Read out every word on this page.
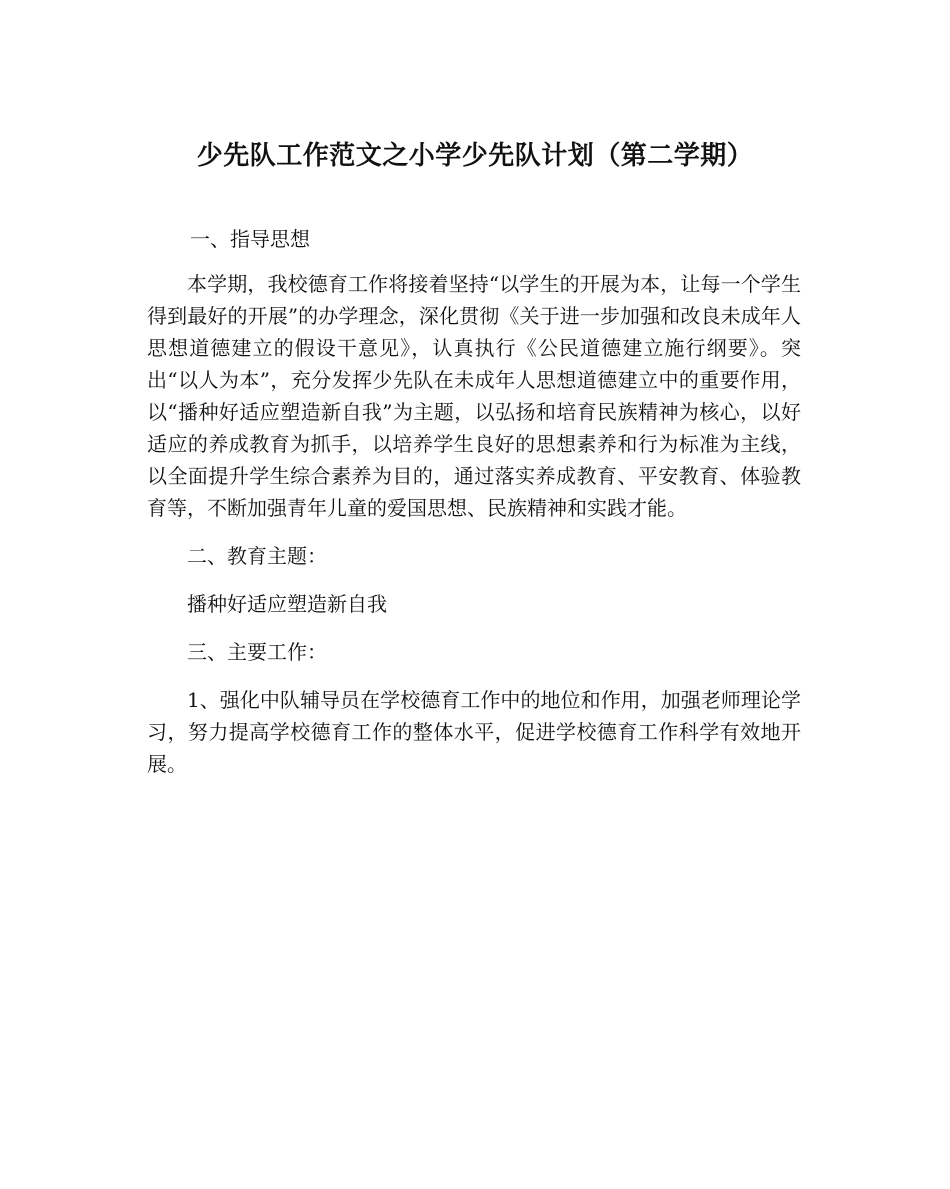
少先队工作范文之小学少先队计划（第二学期）
一、指导思想

本学期，我校德育工作将接着坚持“以学生的开展为本，让每一个学生得到最好的开展”的办学理念，深化贯彻《关于进一步加强和改良未成年人思想道德建立的假设干意见》，认真执行《公民道德建立施行纲要》。突出“以人为本”，充分发挥少先队在未成年人思想道德建立中的重要作用，以“播种好适应塑造新自我”为主题，以弘扬和培育民族精神为核心，以好适应的养成教育为抓手，以培养学生良好的思想素养和行为标准为主线，以全面提升学生综合素养为目的，通过落实养成教育、平安教育、体验教育等，不断加强青年儿童的爱国思想、民族精神和实践才能。

二、教育主题：

播种好适应塑造新自我

三、主要工作：

1、强化中队辅导员在学校德育工作中的地位和作用，加强老师理论学习，努力提高学校德育工作的整体水平，促进学校德育工作科学有效地开展。
